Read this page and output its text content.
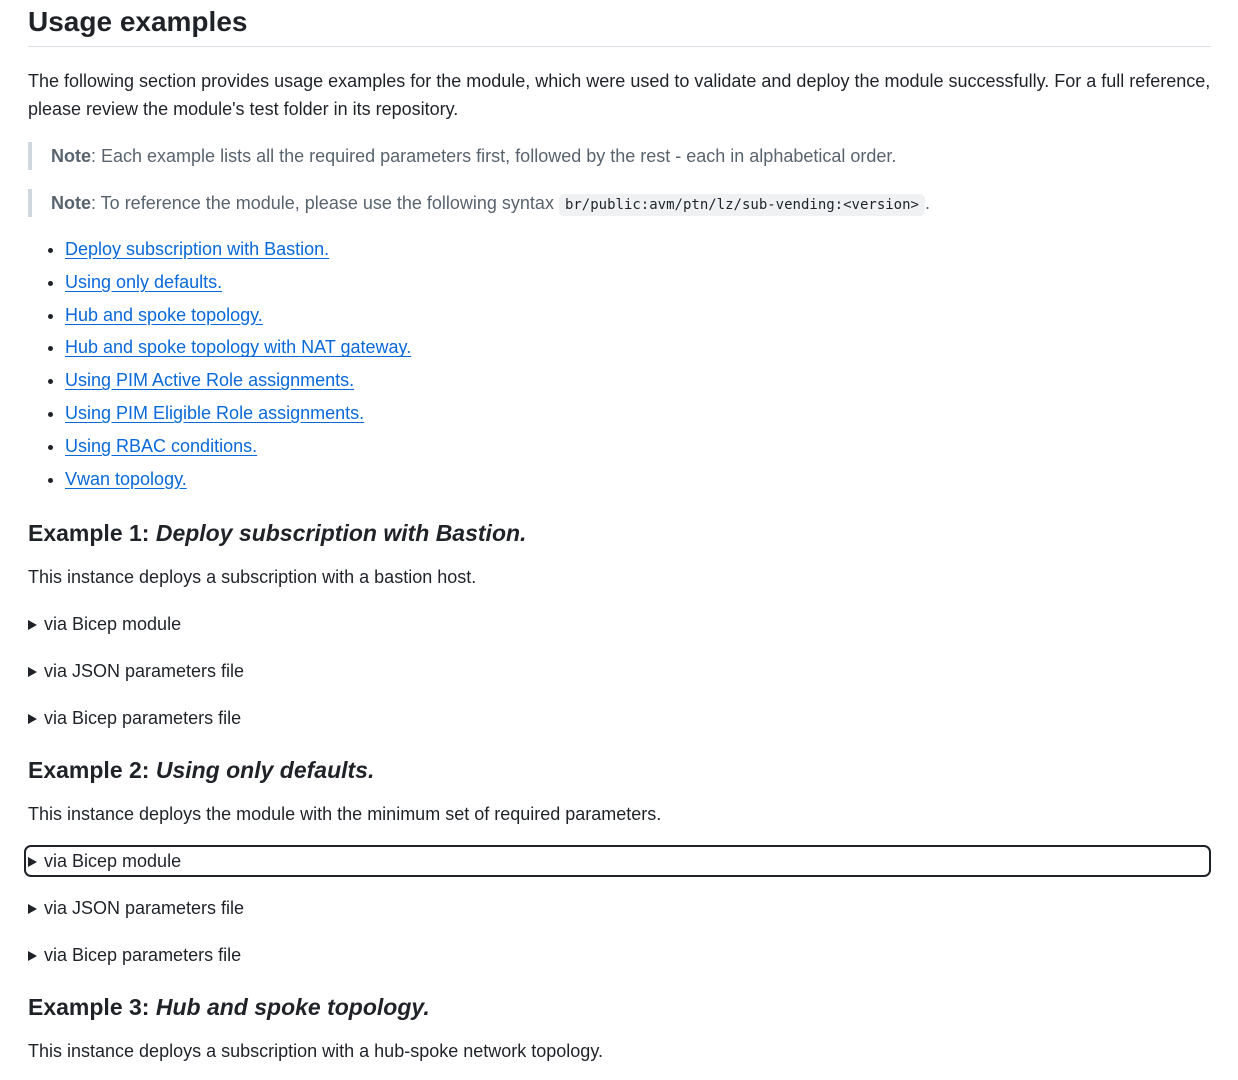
Usage examples

The following section provides usage examples for the module, which were used to validate and deploy the module successfully. For a full reference, please review the module's test folder in its repository.

Note: Each example lists all the required parameters first, followed by the rest - each in alphabetical order.
Note: To reference the module, please use the following syntax br/public:avm/ptn/lz/sub-vending:<version> .
• Deploy subscription with Bastion.
• Using only defaults.
• Hub and spoke topology.
• Hub and spoke topology with NAT gateway.
• Using PIM Active Role assignments.
• Using PIM Eligible Role assignments.
• Using RBAC conditions.
• Vwan topology.
Example 1: Deploy subscription with Bastion.

This instance deploys a subscription with a bastion host.

via Bicep module
via JSON parameters file
via Bicep parameters file
Example 2: Using only defaults.

This instance deploys the module with the minimum set of required parameters.

via Bicep module
via JSON parameters file
via Bicep parameters file
Example 3: Hub and spoke topology.

This instance deploys a subscription with a hub-spoke network topology.
